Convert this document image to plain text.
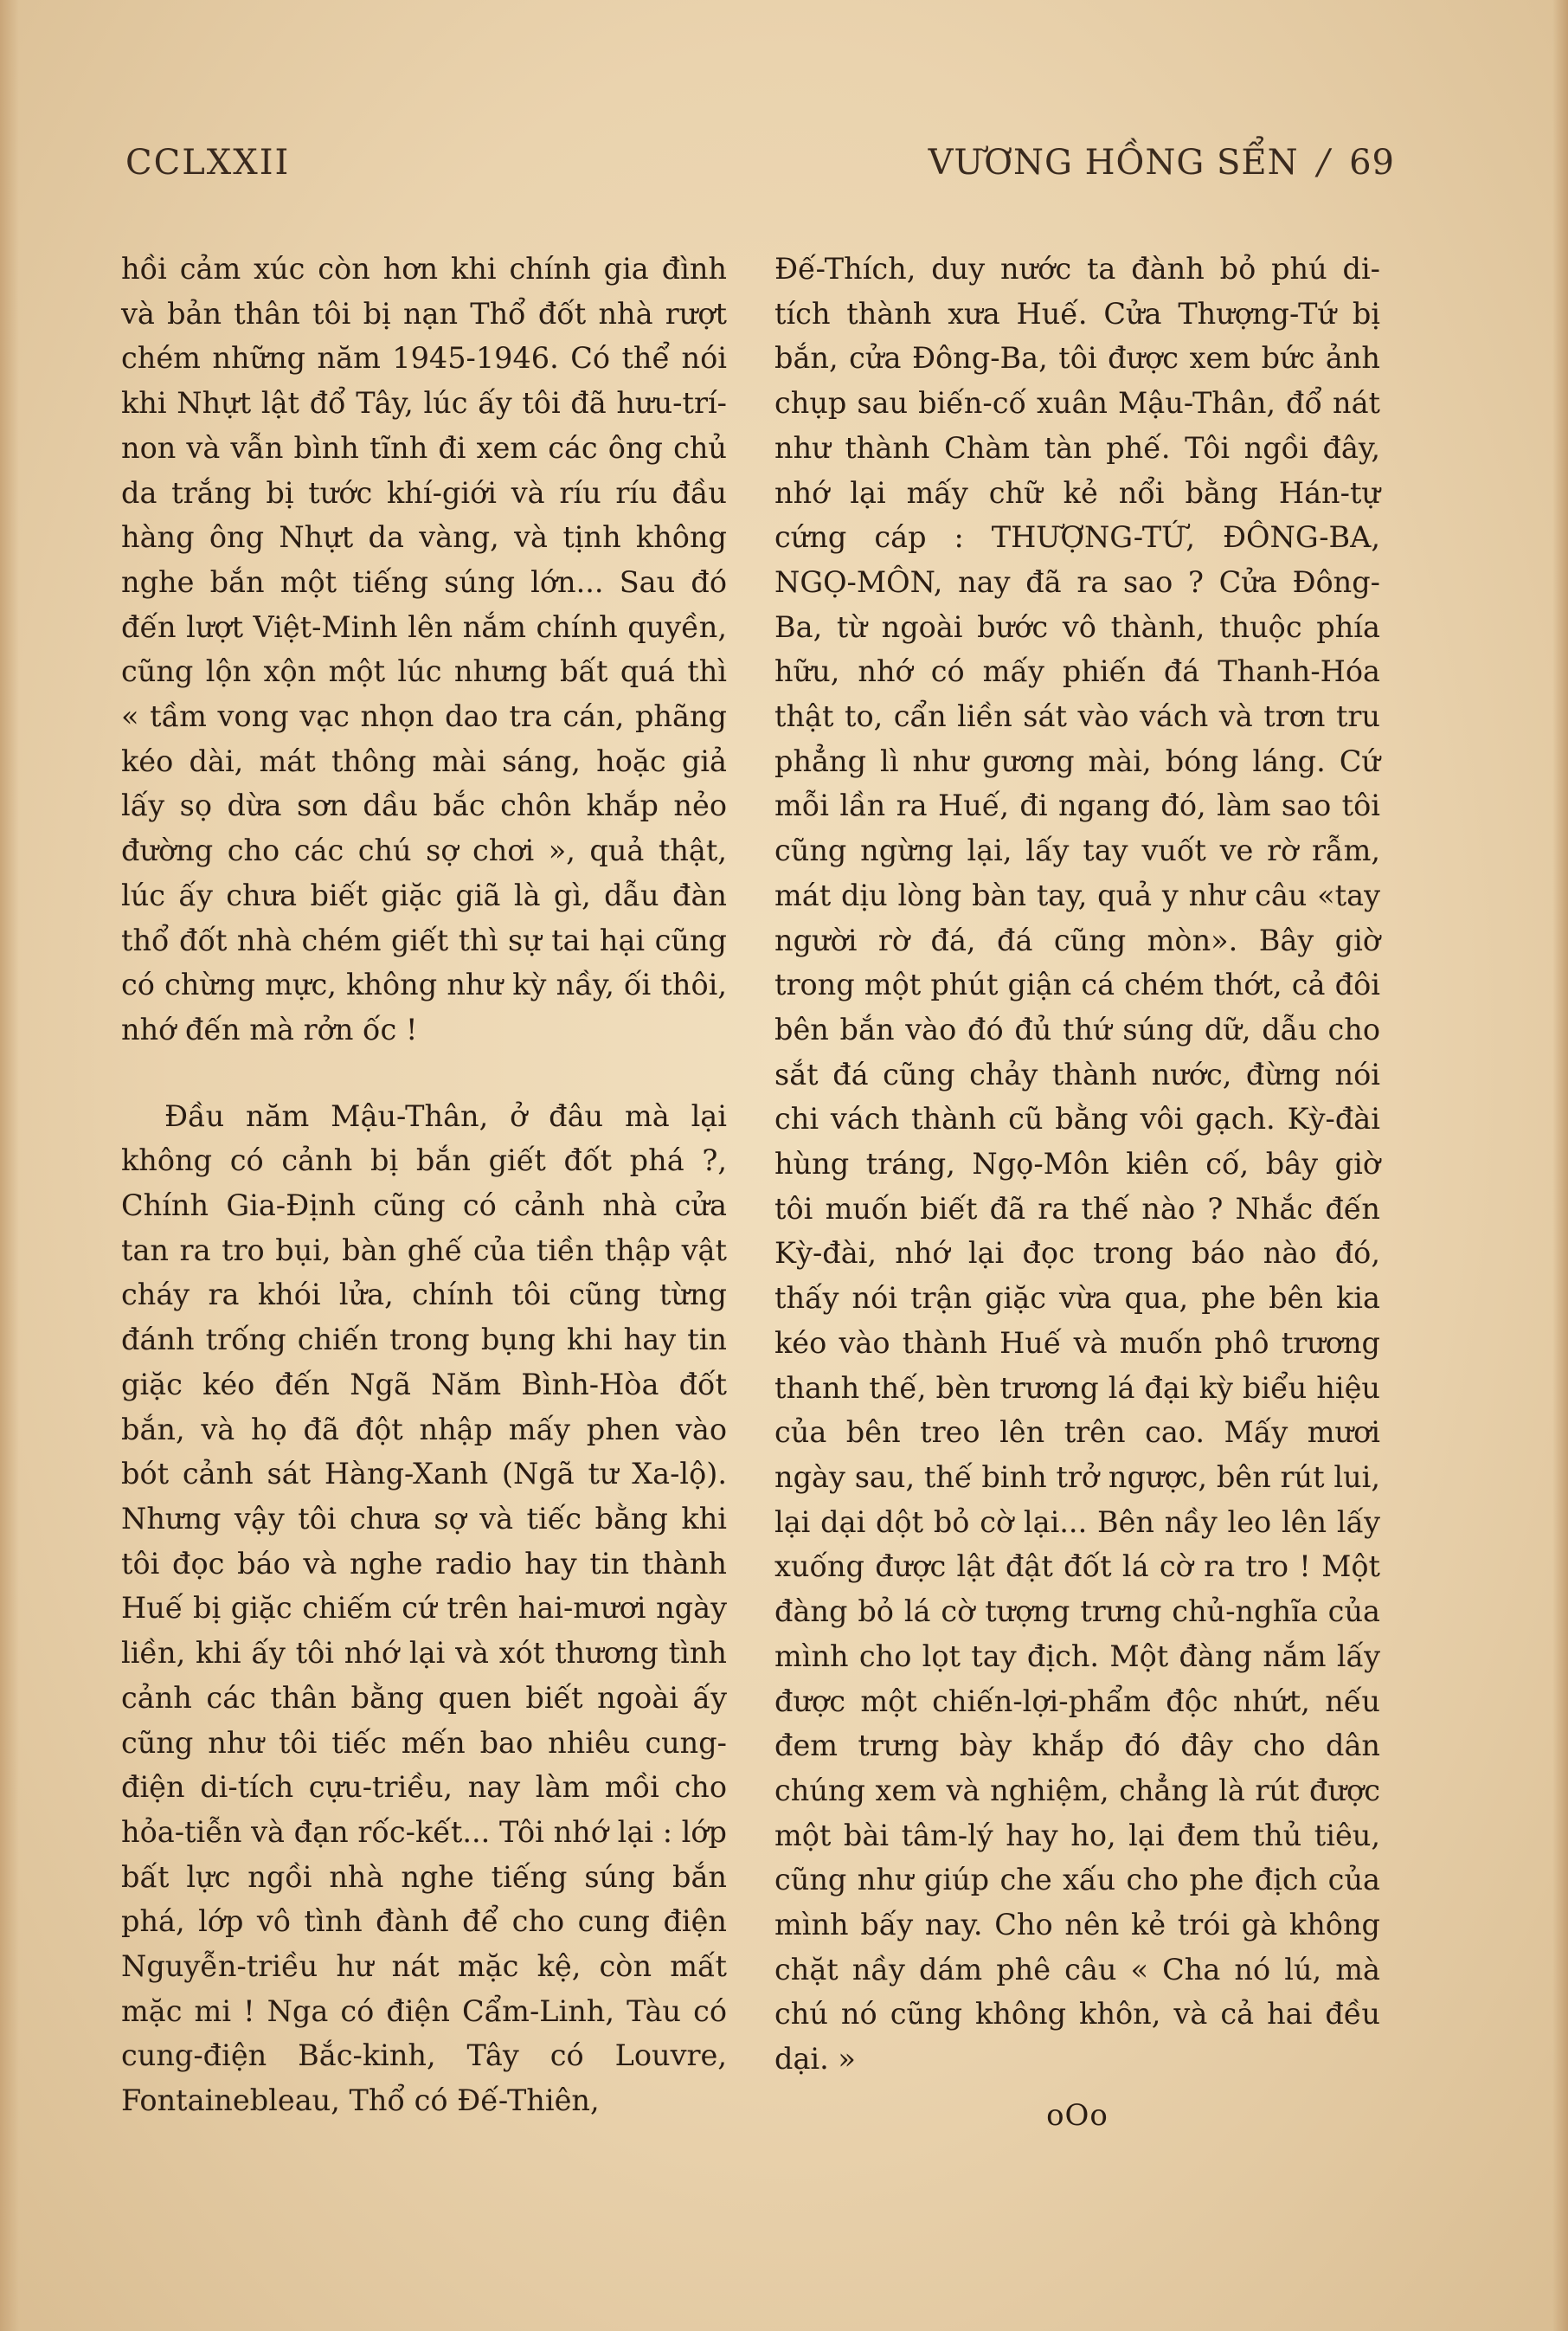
CCLXXII	VƯƠNG HỒNG SỂN / 69

hồi cảm xúc còn hơn khi chính gia đình và bản thân tôi bị nạn Thổ đốt nhà rượt chém những năm 1945-1946. Có thể nói khi Nhựt lật đổ Tây, lúc ấy tôi đã hưu-trí-non và vẫn bình tĩnh đi xem các ông chủ da trắng bị tước khí-giới và ríu ríu đầu hàng ông Nhựt da vàng, và tịnh không nghe bắn một tiếng súng lớn... Sau đó đến lượt Việt-Minh lên nắm chính quyền, cũng lộn xộn một lúc nhưng bất quá thì « tầm vong vạc nhọn dao tra cán, phãng kéo dài, mát thông mài sáng, hoặc giả lấy sọ dừa sơn dầu bắc chôn khắp nẻo đường cho các chú sợ chơi », quả thật, lúc ấy chưa biết giặc giã là gì, dẫu đàn thổ đốt nhà chém giết thì sự tai hại cũng có chừng mực, không như kỳ nầy, ối thôi, nhớ đến mà rởn ốc !

Đầu năm Mậu-Thân, ở đâu mà lại không có cảnh bị bắn giết đốt phá ?, Chính Gia-Định cũng có cảnh nhà cửa tan ra tro bụi, bàn ghế của tiền thập vật cháy ra khói lửa, chính tôi cũng từng đánh trống chiến trong bụng khi hay tin giặc kéo đến Ngã Năm Bình-Hòa đốt bắn, và họ đã đột nhập mấy phen vào bót cảnh sát Hàng-Xanh (Ngã tư Xa-lộ). Nhưng vậy tôi chưa sợ và tiếc bằng khi tôi đọc báo và nghe radio hay tin thành Huế bị giặc chiếm cứ trên hai-mươi ngày liền, khi ấy tôi nhớ lại và xót thương tình cảnh các thân bằng quen biết ngoài ấy cũng như tôi tiếc mến bao nhiêu cung-điện di-tích cựu-triều, nay làm mồi cho hỏa-tiễn và đạn rốc-kết... Tôi nhớ lại : lớp bất lực ngồi nhà nghe tiếng súng bắn phá, lớp vô tình đành để cho cung điện Nguyễn-triều hư nát mặc kệ, còn mất mặc mi ! Nga có điện Cẩm-Linh, Tàu có cung-điện Bắc-kinh, Tây có Louvre, Fontainebleau, Thổ có Đế-Thiên,

Đế-Thích, duy nước ta đành bỏ phú di-tích thành xưa Huế. Cửa Thượng-Tứ bị bắn, cửa Đông-Ba, tôi được xem bức ảnh chụp sau biến-cố xuân Mậu-Thân, đổ nát như thành Chàm tàn phế. Tôi ngồi đây, nhớ lại mấy chữ kẻ nổi bằng Hán-tự cứng cáp : THƯỢNG-TỨ, ĐÔNG-BA, NGỌ-MÔN, nay đã ra sao ? Cửa Đông-Ba, từ ngoài bước vô thành, thuộc phía hữu, nhớ có mấy phiến đá Thanh-Hóa thật to, cẩn liền sát vào vách và trơn tru phẳng lì như gương mài, bóng láng. Cứ mỗi lần ra Huế, đi ngang đó, làm sao tôi cũng ngừng lại, lấy tay vuốt ve rờ rẫm, mát dịu lòng bàn tay, quả y như câu «tay người rờ đá, đá cũng mòn». Bây giờ trong một phút giận cá chém thớt, cả đôi bên bắn vào đó đủ thứ súng dữ, dẫu cho sắt đá cũng chảy thành nước, đừng nói chi vách thành cũ bằng vôi gạch. Kỳ-đài hùng tráng, Ngọ-Môn kiên cố, bây giờ tôi muốn biết đã ra thế nào ? Nhắc đến Kỳ-đài, nhớ lại đọc trong báo nào đó, thấy nói trận giặc vừa qua, phe bên kia kéo vào thành Huế và muốn phô trương thanh thế, bèn trương lá đại kỳ biểu hiệu của bên treo lên trên cao. Mấy mươi ngày sau, thế binh trở ngược, bên rút lui, lại dại dột bỏ cờ lại... Bên nầy leo lên lấy xuống được lật đật đốt lá cờ ra tro ! Một đàng bỏ lá cờ tượng trưng chủ-nghĩa của mình cho lọt tay địch. Một đàng nắm lấy được một chiến-lợi-phẩm độc nhứt, nếu đem trưng bày khắp đó đây cho dân chúng xem và nghiệm, chẳng là rút được một bài tâm-lý hay ho, lại đem thủ tiêu, cũng như giúp che xấu cho phe địch của mình bấy nay. Cho nên kẻ trói gà không chặt nầy dám phê câu « Cha nó lú, mà chú nó cũng không khôn, và cả hai đều dại. »

oOo
